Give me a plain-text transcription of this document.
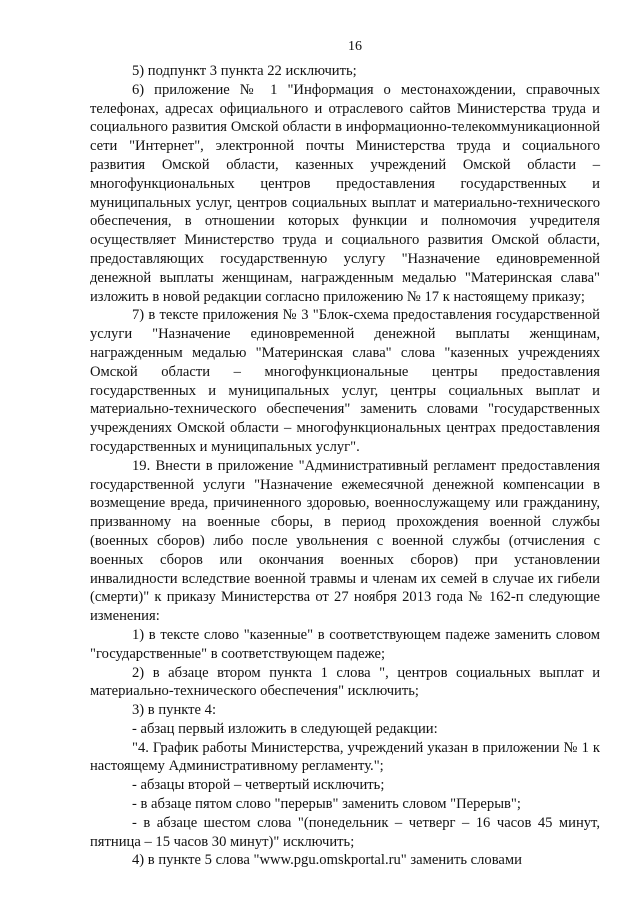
16

5) подпункт 3 пункта 22 исключить;

6) приложение № 1 "Информация о местонахождении, справочных телефонах, адресах официального и отраслевого сайтов Министерства труда и социального развития Омской области в информационно-телекоммуникационной сети "Интернет", электронной почты Министерства труда и социального развития Омской области, казенных учреждений Омской области – многофункциональных центров предоставления государственных и муниципальных услуг, центров социальных выплат и материально-технического обеспечения, в отношении которых функции и полномочия учредителя осуществляет Министерство труда и социального развития Омской области, предоставляющих государственную услугу "Назначение единовременной денежной выплаты женщинам, награжденным медалью "Материнская слава" изложить в новой редакции согласно приложению № 17 к настоящему приказу;

7) в тексте приложения № 3 "Блок-схема предоставления государственной услуги "Назначение единовременной денежной выплаты женщинам, награжденным медалью "Материнская слава" слова "казенных учреждениях Омской области – многофункциональные центры предоставления государственных и муниципальных услуг, центры социальных выплат и материально-технического обеспечения" заменить словами "государственных учреждениях Омской области – многофункциональных центрах предоставления государственных и муниципальных услуг".

19. Внести в приложение "Административный регламент предоставления государственной услуги "Назначение ежемесячной денежной компенсации в возмещение вреда, причиненного здоровью, военнослужащему или гражданину, призванному на военные сборы, в период прохождения военной службы (военных сборов) либо после увольнения с военной службы (отчисления с военных сборов или окончания военных сборов) при установлении инвалидности вследствие военной травмы и членам их семей в случае их гибели (смерти)" к приказу Министерства от 27 ноября 2013 года № 162-п следующие изменения:

1) в тексте слово "казенные" в соответствующем падеже заменить словом "государственные" в соответствующем падеже;

2) в абзаце втором пункта 1 слова ", центров социальных выплат и материально-технического обеспечения" исключить;

3) в пункте 4:

- абзац первый изложить в следующей редакции:

"4. График работы Министерства, учреждений указан в приложении № 1 к настоящему Административному регламенту.";

- абзацы второй – четвертый исключить;

- в абзаце пятом слово "перерыв" заменить словом "Перерыв";

- в абзаце шестом слова "(понедельник – четверг – 16 часов 45 минут, пятница – 15 часов 30 минут)" исключить;

4) в пункте 5 слова "www.pgu.omskportal.ru" заменить словами
